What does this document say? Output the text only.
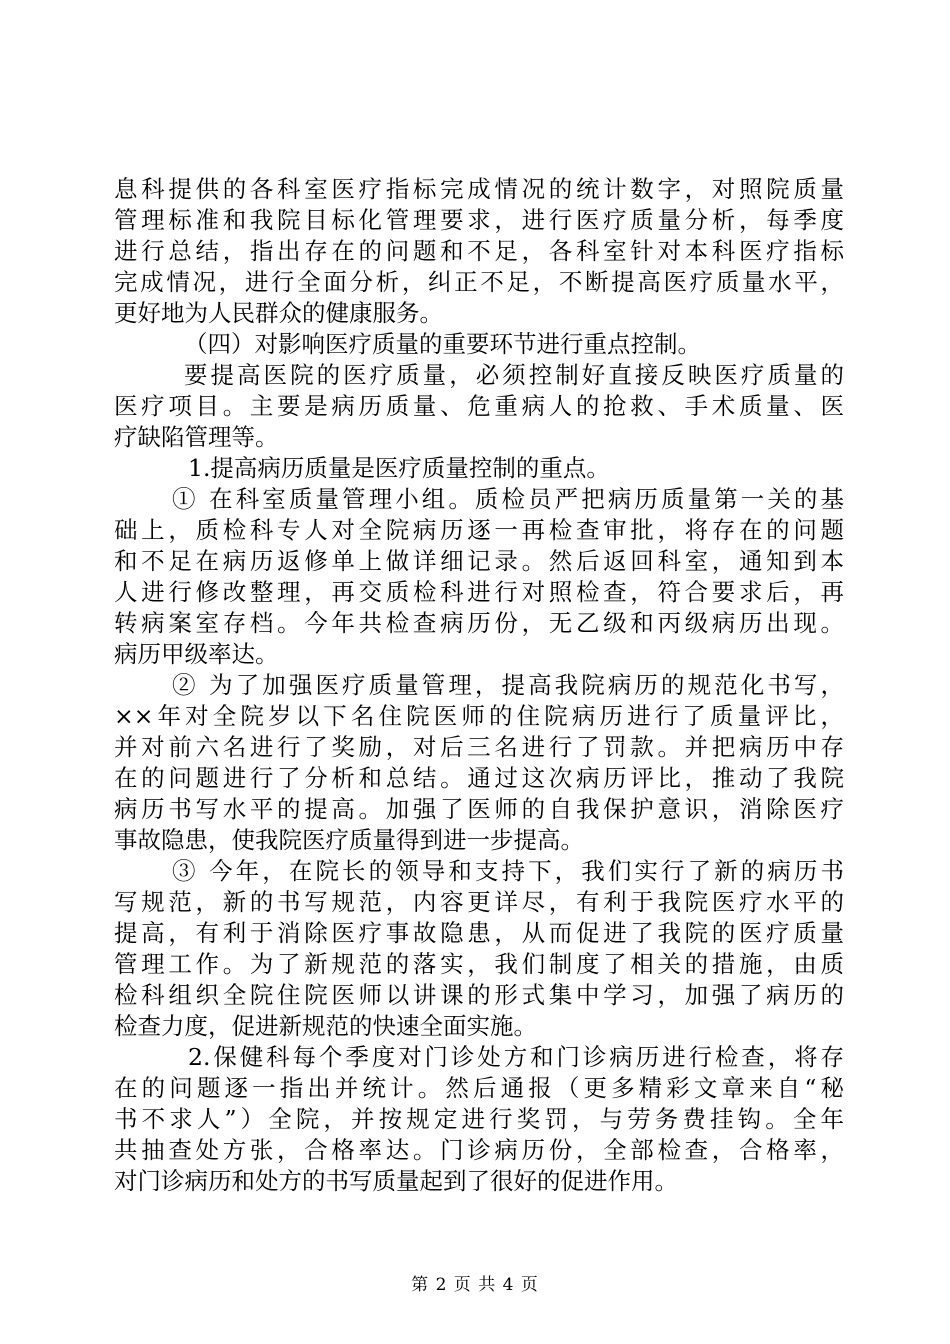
息科提供的各科室医疗指标完成情况的统计数字，对照院质量
管理标准和我院目标化管理要求，进行医疗质量分析，每季度
进行总结，指出存在的问题和不足，各科室针对本科医疗指标
完成情况，进行全面分析，纠正不足，不断提高医疗质量水平，
更好地为人民群众的健康服务。
（四）对影响医疗质量的重要环节进行重点控制。
要提高医院的医疗质量，必须控制好直接反映医疗质量的
医疗项目。主要是病历质量、危重病人的抢救、手术质量、医
疗缺陷管理等。
1.提高病历质量是医疗质量控制的重点。
① 在科室质量管理小组。质检员严把病历质量第一关的基
础上，质检科专人对全院病历逐一再检查审批，将存在的问题
和不足在病历返修单上做详细记录。然后返回科室，通知到本
人进行修改整理，再交质检科进行对照检查，符合要求后，再
转病案室存档。今年共检查病历份，无乙级和丙级病历出现。
病历甲级率达。
② 为了加强医疗质量管理，提高我院病历的规范化书写，
××年对全院岁以下名住院医师的住院病历进行了质量评比，
并对前六名进行了奖励，对后三名进行了罚款。并把病历中存
在的问题进行了分析和总结。通过这次病历评比，推动了我院
病历书写水平的提高。加强了医师的自我保护意识，消除医疗
事故隐患，使我院医疗质量得到进一步提高。
③ 今年，在院长的领导和支持下，我们实行了新的病历书
写规范，新的书写规范，内容更详尽，有利于我院医疗水平的
提高，有利于消除医疗事故隐患，从而促进了我院的医疗质量
管理工作。为了新规范的落实，我们制度了相关的措施，由质
检科组织全院住院医师以讲课的形式集中学习，加强了病历的
检查力度，促进新规范的快速全面实施。
2.保健科每个季度对门诊处方和门诊病历进行检查，将存
在的问题逐一指出并统计。然后通报（更多精彩文章来自“秘
书不求人”）全院，并按规定进行奖罚，与劳务费挂钩。全年
共抽查处方张，合格率达。门诊病历份，全部检查，合格率，
对门诊病历和处方的书写质量起到了很好的促进作用。
第 2 页 共 4 页
